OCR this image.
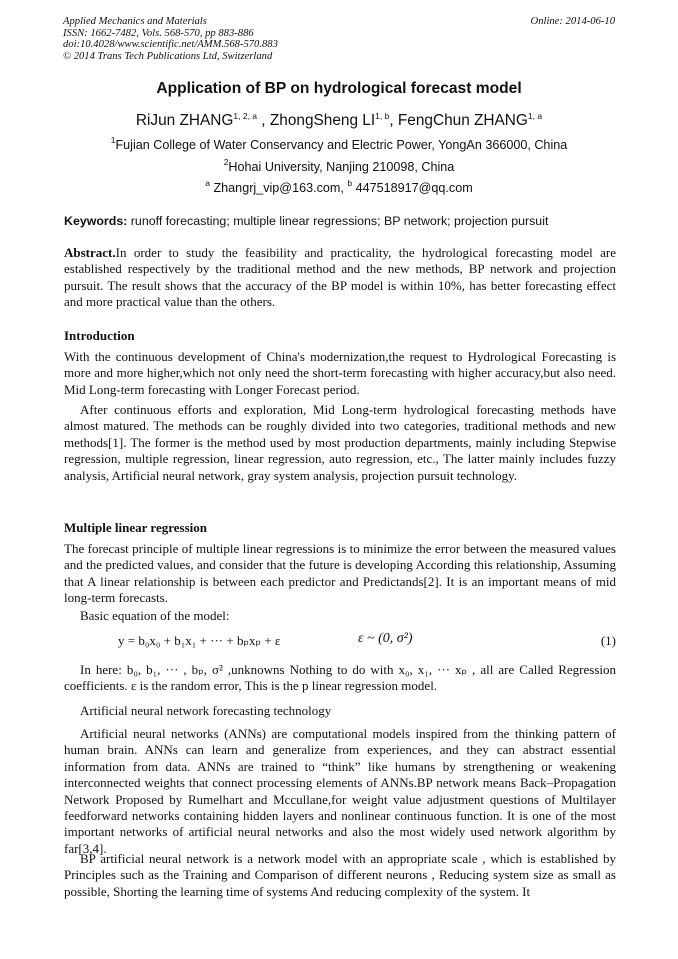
Applied Mechanics and Materials
ISSN: 1662-7482, Vols. 568-570, pp 883-886
doi:10.4028/www.scientific.net/AMM.568-570.883
© 2014 Trans Tech Publications Ltd, Switzerland
Online: 2014-06-10
Application of BP on hydrological forecast model
RiJun ZHANG$^{1, 2, a}$ , ZhongSheng LI$^{1, b}$, FengChun ZHANG$^{1, a}$
$^1$Fujian College of Water Conservancy and Electric Power, YongAn 366000, China
$^2$Hohai University, Nanjing 210098, China
$^a$ Zhangrj_vip@163.com, $^b$ 447518917@qq.com
Keywords: runoff forecasting; multiple linear regressions; BP network; projection pursuit
Abstract.In order to study the feasibility and practicality, the hydrological forecasting model are established respectively by the traditional method and the new methods, BP network and projection pursuit. The result shows that the accuracy of the BP model is within 10%, has better forecasting effect and more practical value than the others.
Introduction
With the continuous development of China's modernization,the request to Hydrological Forecasting is more and more higher,which not only need the short-term forecasting with higher accuracy,but also need. Mid Long-term forecasting with Longer Forecast period.
After continuous efforts and exploration, Mid Long-term hydrological forecasting methods have almost matured. The methods can be roughly divided into two categories, traditional methods and new methods[1]. The former is the method used by most production departments, mainly including Stepwise regression, multiple regression, linear regression, auto regression, etc., The latter mainly includes fuzzy analysis, Artificial neural network, gray system analysis, projection pursuit technology.
Multiple linear regression
The forecast principle of multiple linear regressions is to minimize the error between the measured values and the predicted values, and consider that the future is developing According this relationship, Assuming that A linear relationship is between each predictor and Predictands[2]. It is an important means of mid long-term forecasts.
Basic equation of the model:
y = b₀x₀ + b₁x₁ + ··· + bₚxₚ + ε	ε ~ (0, σ²)	(1)
In here: b₀, b₁, ··· , bₚ, σ² ,unknowns Nothing to do with x₀, x₁, ··· xₚ , all are Called Regression coefficients. ε is the random error, This is the p linear regression model.
Artificial neural network forecasting technology
Artificial neural networks (ANNs) are computational models inspired from the thinking pattern of human brain. ANNs can learn and generalize from experiences, and they can abstract essential information from data. ANNs are trained to “think” like humans by strengthening or weakening interconnected weights that connect processing elements of ANNs.BP network means Back–Propagation Network Proposed by Rumelhart and Mccullane,for weight value adjustment questions of Multilayer feedforward networks containing hidden layers and nonlinear continuous function. It is one of the most important networks of artificial neural networks and also the most widely used network algorithm by far[3,4].
BP artificial neural network is a network model with an appropriate scale , which is established by Principles such as the Training and Comparison of different neurons , Reducing system size as small as possible, Shorting the learning time of systems And reducing complexity of the system. It
